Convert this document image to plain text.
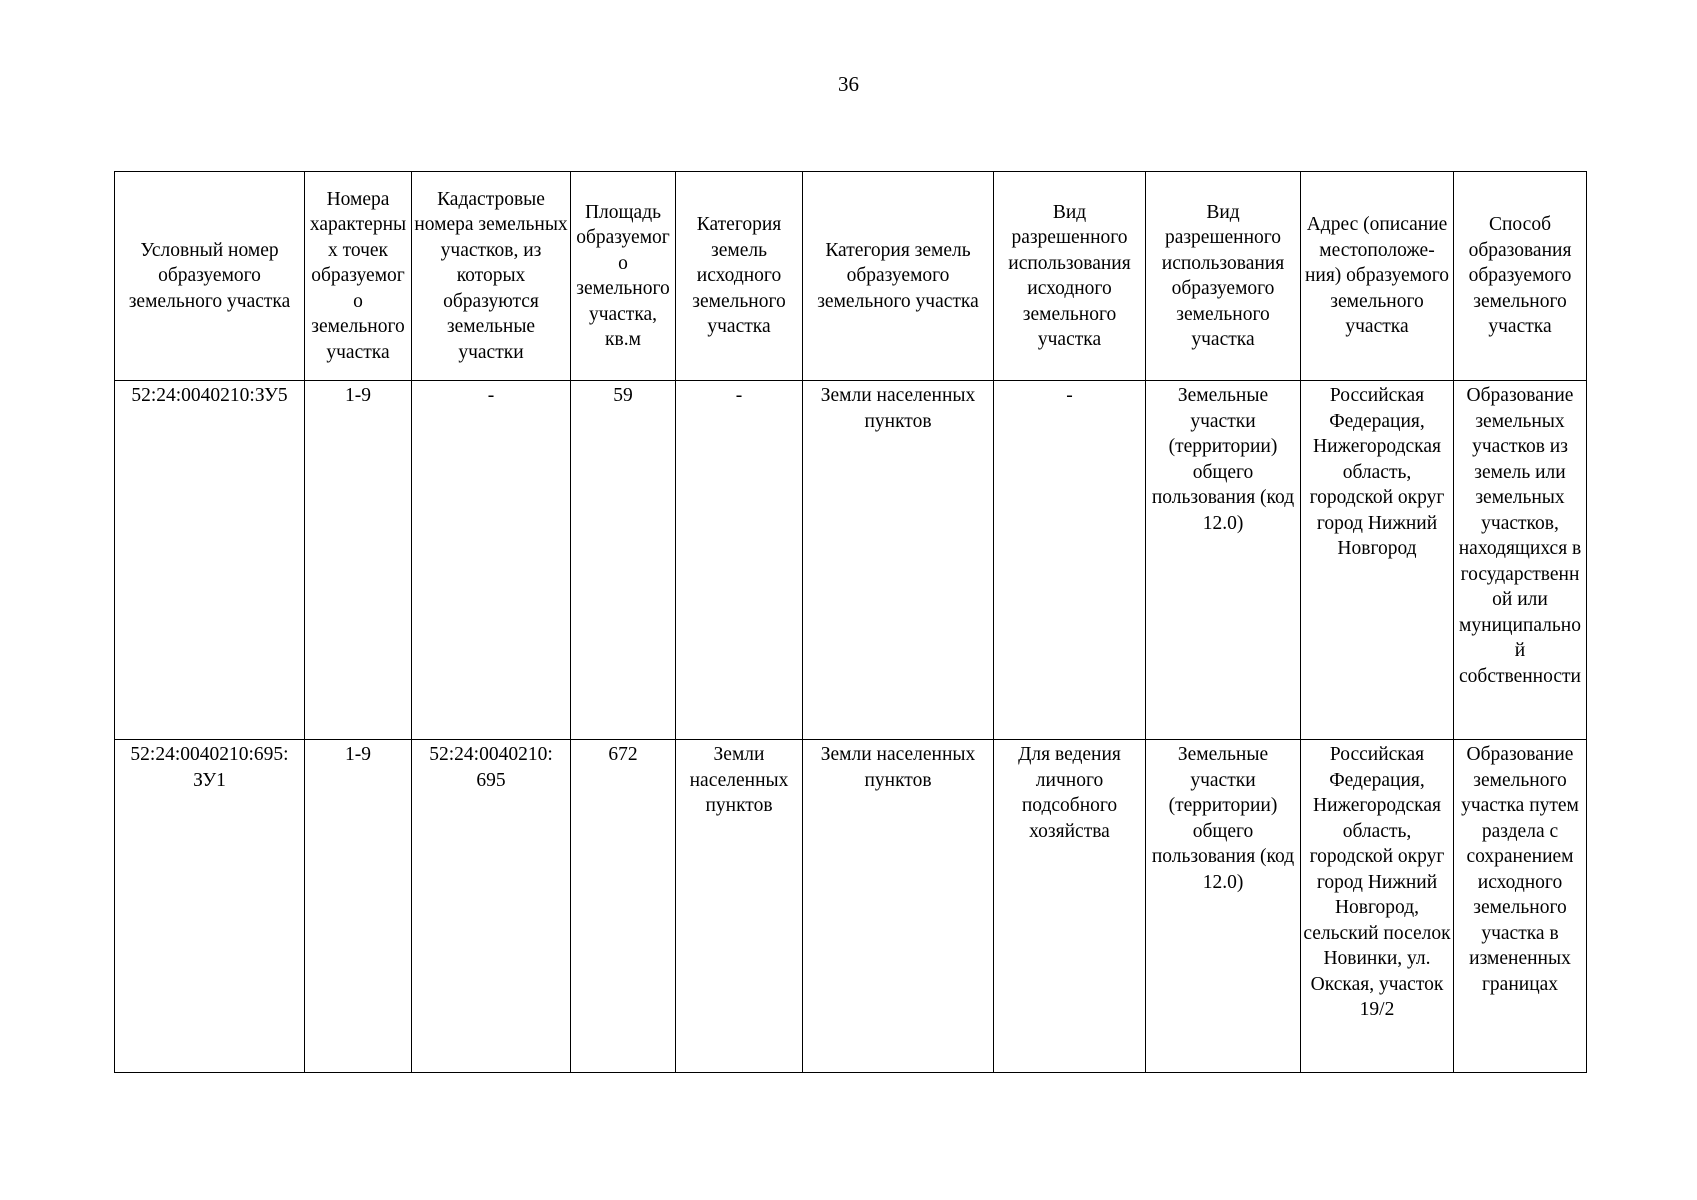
36
Условный номер образуемого земельного участка	Номера характерных точек образуемого земельного участка	Кадастровые номера земельных участков, из которых образуются земельные участки	Площадь образуемого земельного участка, кв.м	Категория земель исходного земельного участка	Категория земель образуемого земельного участка	Вид разрешенного использования исходного земельного участка	Вид разрешенного использования образуемого земельного участка	Адрес (описание местоположе-ния) образуемого земельного участка	Способ образования образуемого земельного участка
52:24:0040210:ЗУ5	1-9	-	59	-	Земли населенных пунктов	-	Земельные участки (территории) общего пользования (код 12.0)	Российская Федерация, Нижегородская область, городской округ город Нижний Новгород	Образование земельных участков из земель или земельных участков, находящихся в государственной или муниципальной собственности
52:24:0040210:695: ЗУ1	1-9	52:24:0040210: 695	672	Земли населенных пунктов	Земли населенных пунктов	Для ведения личного подсобного хозяйства	Земельные участки (территории) общего пользования (код 12.0)	Российская Федерация, Нижегородская область, городской округ город Нижний Новгород, сельский поселок Новинки, ул. Окская, участок 19/2	Образование земельного участка путем раздела с сохранением исходного земельного участка в измененных границах
